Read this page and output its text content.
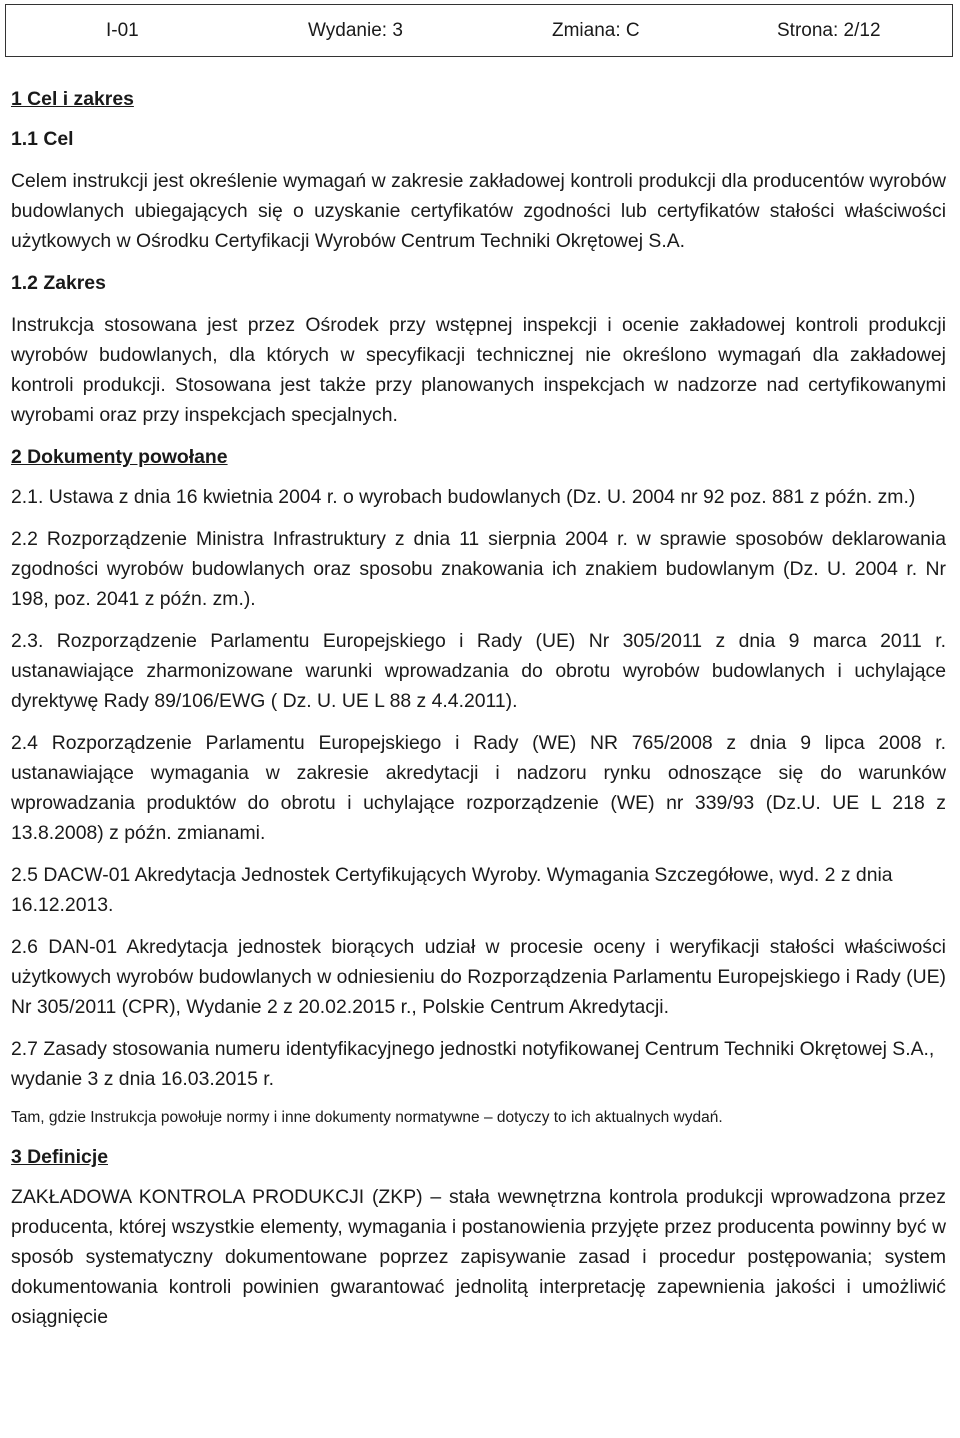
I-01	Wydanie: 3	Zmiana: C	Strona: 2/12
1 Cel i zakres
1.1 Cel

Celem instrukcji jest określenie wymagań w zakresie zakładowej kontroli produkcji dla producentów wyrobów budowlanych ubiegających się o uzyskanie certyfikatów zgodności lub certyfikatów stałości właściwości użytkowych w Ośrodku Certyfikacji Wyrobów Centrum Techniki Okrętowej S.A.

1.2 Zakres

Instrukcja stosowana jest przez Ośrodek przy wstępnej inspekcji i ocenie zakładowej kontroli produkcji wyrobów budowlanych, dla których w specyfikacji technicznej nie określono wymagań dla zakładowej kontroli produkcji. Stosowana jest także przy planowanych inspekcjach w nadzorze nad certyfikowanymi wyrobami oraz przy inspekcjach specjalnych.

2 Dokumenty powołane

2.1. Ustawa z dnia 16 kwietnia 2004 r. o wyrobach budowlanych (Dz. U. 2004 nr 92 poz. 881 z późn. zm.)

2.2 Rozporządzenie Ministra Infrastruktury z dnia 11 sierpnia 2004 r. w sprawie sposobów deklarowania zgodności wyrobów budowlanych oraz sposobu znakowania ich znakiem budowlanym (Dz. U. 2004 r. Nr 198, poz. 2041 z późn. zm.).

2.3. Rozporządzenie Parlamentu Europejskiego i Rady (UE) Nr 305/2011 z dnia 9 marca 2011 r. ustanawiające zharmonizowane warunki wprowadzania do obrotu wyrobów budowlanych i uchylające dyrektywę Rady 89/106/EWG ( Dz. U. UE L 88 z 4.4.2011).

2.4 Rozporządzenie Parlamentu Europejskiego i Rady (WE) NR 765/2008 z dnia 9 lipca 2008 r. ustanawiające wymagania w zakresie akredytacji i nadzoru rynku odnoszące się do warunków wprowadzania produktów do obrotu i uchylające rozporządzenie (WE) nr 339/93 (Dz.U. UE L 218 z 13.8.2008) z późn. zmianami.

2.5 DACW-01 Akredytacja Jednostek Certyfikujących Wyroby. Wymagania Szczegółowe, wyd. 2 z dnia 16.12.2013.

2.6 DAN-01 Akredytacja jednostek biorących udział w procesie oceny i weryfikacji stałości właściwości użytkowych wyrobów budowlanych w odniesieniu do Rozporządzenia Parlamentu Europejskiego i Rady (UE) Nr 305/2011 (CPR), Wydanie 2 z 20.02.2015 r., Polskie Centrum Akredytacji.

2.7 Zasady stosowania numeru identyfikacyjnego jednostki notyfikowanej Centrum Techniki Okrętowej S.A., wydanie 3 z dnia 16.03.2015 r.

Tam, gdzie Instrukcja powołuje normy i inne dokumenty normatywne – dotyczy to ich aktualnych wydań.

3 Definicje

ZAKŁADOWA KONTROLA PRODUKCJI (ZKP) – stała wewnętrzna kontrola produkcji wprowadzona przez producenta, której wszystkie elementy, wymagania i postanowienia przyjęte przez producenta powinny być w sposób systematyczny dokumentowane poprzez zapisywanie zasad i procedur postępowania; system dokumentowania kontroli powinien gwarantować jednolitą interpretację zapewnienia jakości i umożliwić osiągnięcie
